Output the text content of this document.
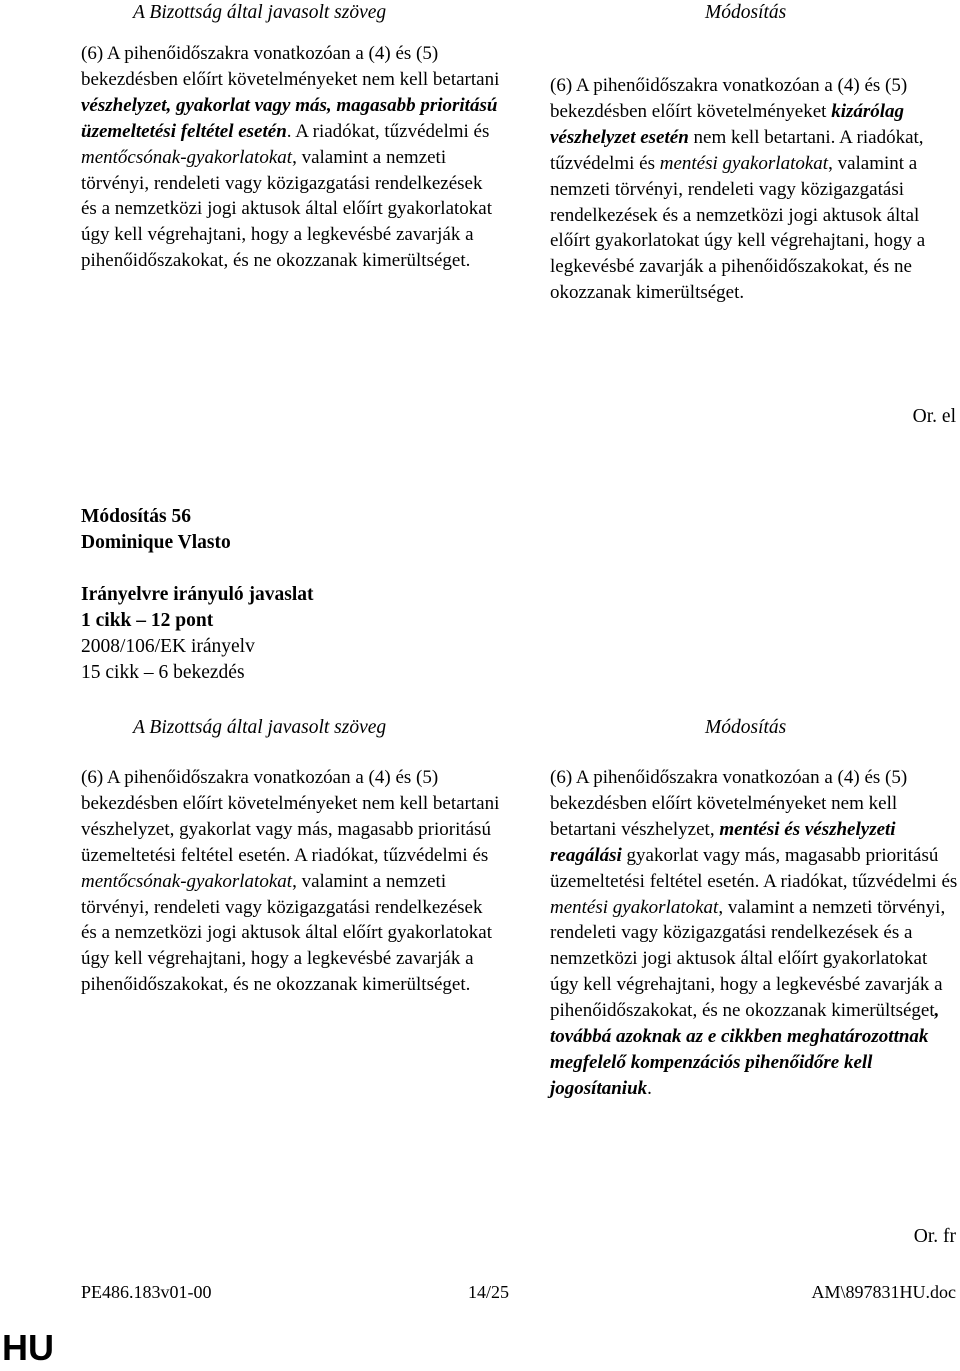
A Bizottság által javasolt szöveg	Módosítás

(6) A pihenőidőszakra vonatkozóan a (4) és (5) bekezdésben előírt követelményeket nem kell betartani vészhelyzet, gyakorlat vagy más, magasabb prioritású üzemeltetési feltétel esetén. A riadókat, tűzvédelmi és mentőcsónak-gyakorlatokat, valamint a nemzeti törvényi, rendeleti vagy közigazgatási rendelkezések és a nemzetközi jogi aktusok által előírt gyakorlatokat úgy kell végrehajtani, hogy a legkevésbé zavarják a pihenőidőszakokat, és ne okozzanak kimerültséget.

(6) A pihenőidőszakra vonatkozóan a (4) és (5) bekezdésben előírt követelményeket kizárólag vészhelyzet esetén nem kell betartani. A riadókat, tűzvédelmi és mentési gyakorlatokat, valamint a nemzeti törvényi, rendeleti vagy közigazgatási rendelkezések és a nemzetközi jogi aktusok által előírt gyakorlatokat úgy kell végrehajtani, hogy a legkevésbé zavarják a pihenőidőszakokat, és ne okozzanak kimerültséget.

Or. el
Módosítás 56
Dominique Vlasto
Irányelvre irányuló javaslat
1 cikk – 12 pont
2008/106/EK irányelv
15 cikk – 6 bekezdés
A Bizottság által javasolt szöveg	Módosítás

(6) A pihenőidőszakra vonatkozóan a (4) és (5) bekezdésben előírt követelményeket nem kell betartani vészhelyzet, gyakorlat vagy más, magasabb prioritású üzemeltetési feltétel esetén. A riadókat, tűzvédelmi és mentőcsónak-gyakorlatokat, valamint a nemzeti törvényi, rendeleti vagy közigazgatási rendelkezések és a nemzetközi jogi aktusok által előírt gyakorlatokat úgy kell végrehajtani, hogy a legkevésbé zavarják a pihenőidőszakokat, és ne okozzanak kimerültséget.

(6) A pihenőidőszakra vonatkozóan a (4) és (5) bekezdésben előírt követelményeket nem kell betartani vészhelyzet, mentési és vészhelyzeti reagálási gyakorlat vagy más, magasabb prioritású üzemeltetési feltétel esetén. A riadókat, tűzvédelmi és mentési gyakorlatokat, valamint a nemzeti törvényi, rendeleti vagy közigazgatási rendelkezések és a nemzetközi jogi aktusok által előírt gyakorlatokat úgy kell végrehajtani, hogy a legkevésbé zavarják a pihenőidőszakokat, és ne okozzanak kimerültséget, továbbá azoknak az e cikkben meghatározottnak megfelelő kompenzációs pihenőidőre kell jogosítaniuk.

Or. fr
PE486.183v01-00	14/25	AM\897831HU.doc
HU
